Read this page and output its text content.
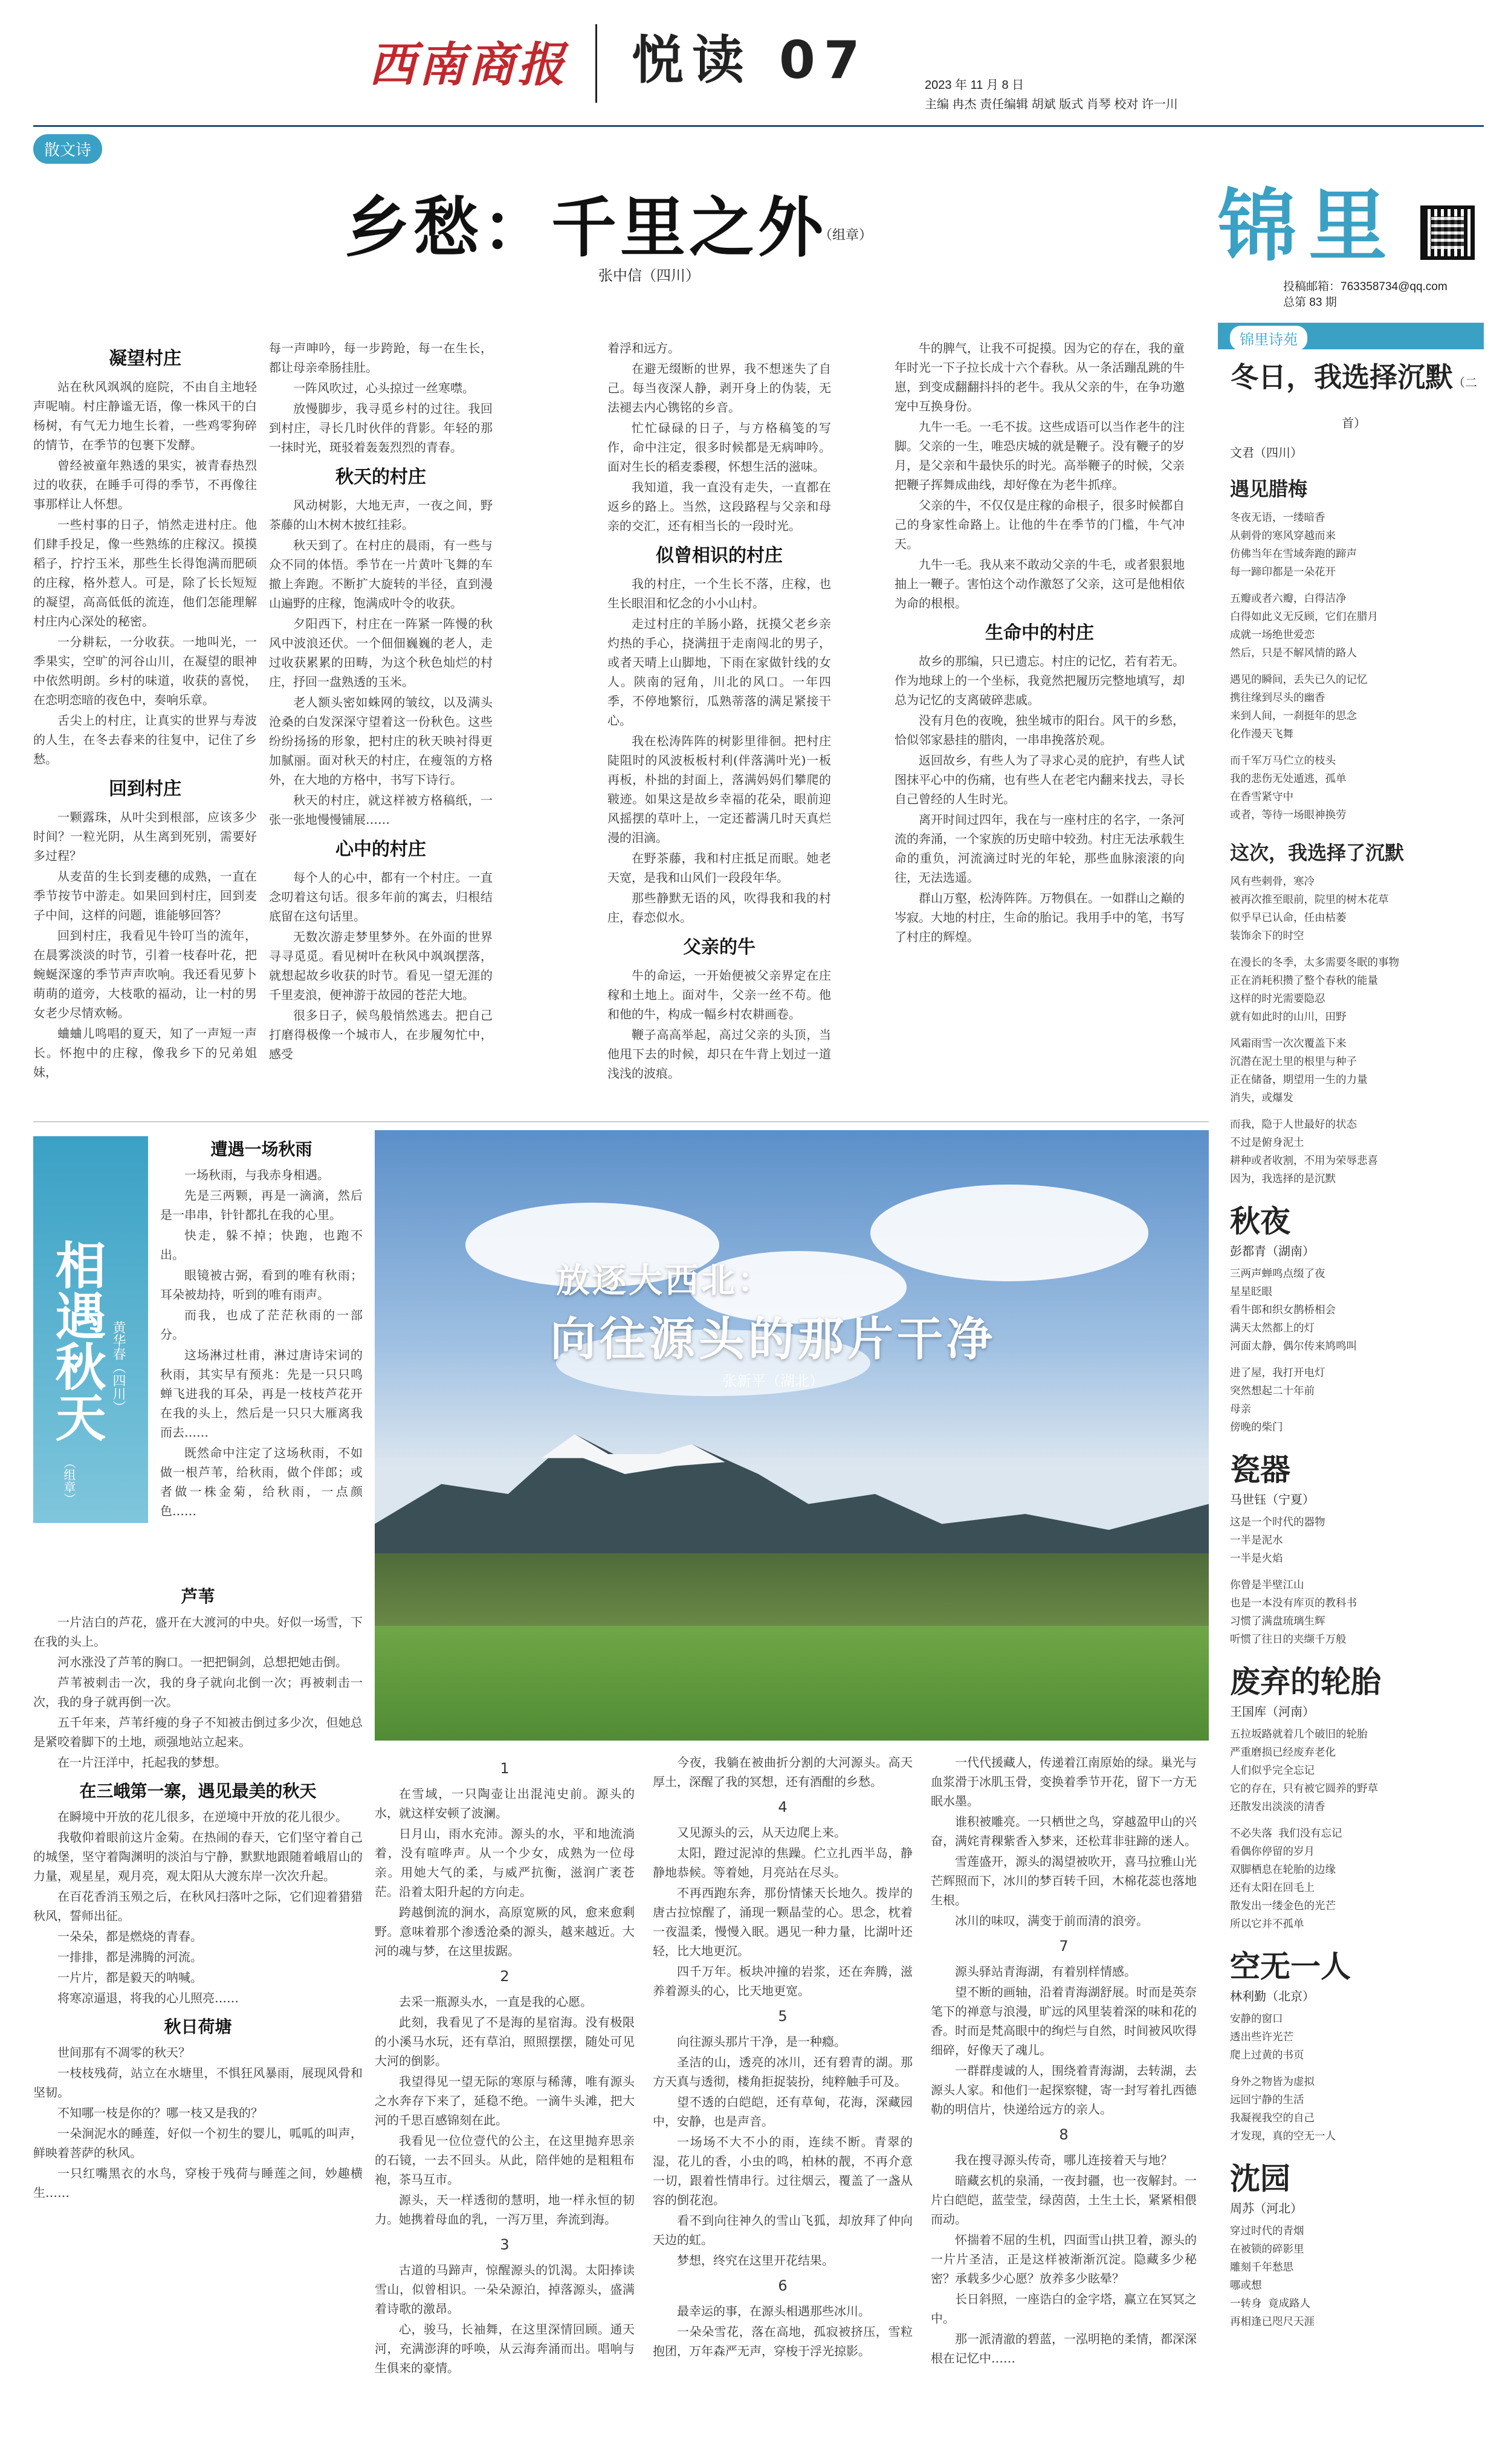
西南商报 悦读 07	2023 年 11 月 8 日
主编 冉杰 责任编辑 胡斌 版式 肖琴 校对 许一川
散文诗
乡愁：千里之外
（组章）
张中信（四川）
凝望村庄

站在秋风飒飒的庭院，不由自主地轻声呢喃。村庄静谧无语，像一株风干的白杨树，有气无力地生长着，一些鸡零狗碎的情节，在季节的包裹下发酵。

曾经被童年熟透的果实，被青春热烈过的收获，在睡手可得的季节，不再像往事那样让人怀想。

一些村事的日子，悄然走进村庄。他们肆手投足，像一些熟练的庄稼汉。摸摸稻子，拧拧玉米，那些生长得饱满而肥硕的庄稼，格外惹人。可是，除了长长短短的凝望，高高低低的流连，他们怎能理解村庄内心深处的秘密。

一分耕耘，一分收获。一地叫光，一季果实，空旷的河谷山川，在凝望的眼神中依然明朗。乡村的味道，收获的喜悦，在恋明恋暗的夜色中，奏响乐章。

舌尖上的村庄，让真实的世界与寿波的人生，在冬去春来的往复中，记住了乡愁。

回到村庄

一颗露珠，从叶尖到根部，应该多少时间？一粒光阴，从生离到死别，需要好多过程？

从麦苗的生长到麦穗的成熟，一直在季节按节中游走。如果回到村庄，回到麦子中间，这样的问题，谁能够回答？

回到村庄，我看见牛铃叮当的流年，在晨雾淡淡的时节，引着一枝春叶花，把蜿蜒深邃的季节声声吹响。我还看见萝卜萌萌的道旁，大枝歌的福动，让一村的男女老少尽情欢畅。

蛐蛐儿鸣唱的夏天，知了一声短一声长。怀抱中的庄稼，像我乡下的兄弟姐妹，

每一声呻吟，每一步跨跄，每一在生长，都让母亲牵肠挂肚。

一阵风吹过，心头掠过一丝寒噤。

放慢脚步，我寻觅乡村的过往。我回到村庄，寻长几时伙伴的背影。年轻的那一抹时光，斑驳着轰轰烈烈的青春。

秋天的村庄

风动树影，大地无声，一夜之间，野茶藤的山木树木披红挂彩。

秋天到了。在村庄的晨雨，有一些与众不同的体悟。季节在一片黄叶飞舞的车撤上奔跑。不断扩大旋转的半径，直到漫山遍野的庄稼，饱满成叶令的收获。

夕阳西下，村庄在一阵紧一阵慢的秋风中波浪还伏。一个佃佃巍巍的老人，走过收获累累的田畴，为这个秋色灿烂的村庄，抒回一盘熟透的玉米。

老人额头密如蛛网的皱纹，以及满头沧桑的白发深深守望着这一份秋色。这些纷纷扬扬的形象，把村庄的秋天映衬得更加腻丽。面对秋天的村庄，在瘦瓴的方格外，在大地的方格中，书写下诗行。

秋天的村庄，就这样被方格稿纸，一张一张地慢慢铺展……

心中的村庄

每个人的心中，都有一个村庄。一直念叨着这句话。很多年前的寓去，归根结底留在这句话里。

无数次游走梦里梦外。在外面的世界寻寻觅觅。看见树叶在秋风中飒飒摆落，就想起故乡收获的时节。看见一望无涯的千里麦浪，便神游于故园的苍茫大地。

很多日子，候鸟般悄然逃去。把自己打磨得极像一个城市人，在步履匆忙中，感受

着浮和远方。

在避无缀断的世界，我不想迷失了自己。每当夜深人静，剥开身上的伪装，无法褪去内心镌铭的乡音。

忙忙碌碌的日子，与方格稿笺的写作，命中注定，很多时候都是无病呻吟。面对生长的稻麦黍稷，怀想生活的滋味。

我知道，我一直没有走失，一直都在返乡的路上。当然，这段路程与父亲和母亲的交汇，还有相当长的一段时光。

似曾相识的村庄

我的村庄，一个生长不落，庄稼，也生长眼泪和忆念的小小山村。

走过村庄的羊肠小路，抚摸父老乡亲灼热的手心，挠满扭于走南闯北的男子，或者天晴上山脚地，下雨在家做针线的女人。陕南的冠角，川北的风口。一年四季，不停地繁衍，瓜熟蒂落的满足紧接干心。

我在松涛阵阵的树影里徘徊。把村庄陡阻时的风波板板村利(伴落满叶光)一板再板，朴拙的封面上，落满妈妈们攀爬的皲迹。如果这是故乡幸福的花朵，眼前迎风摇摆的草叶上，一定还蓄满几时天真烂漫的泪滴。

在野茶藤，我和村庄抵足而眠。她老天宽，是我和山风们一段段年华。

那些静默无语的风，吹得我和我的村庄，春恋似水。

父亲的牛

牛的命运，一开始便被父亲界定在庄稼和土地上。面对牛，父亲一丝不苟。他和他的牛，构成一幅乡村农耕画卷。

鞭子高高举起，高过父亲的头顶，当他甩下去的时候，却只在牛背上划过一道浅浅的波痕。

牛的脾气，让我不可捉摸。因为它的存在，我的童年时光一下子拉长成十六个春秋。从一条活蹦乱跳的牛崽，到变成翻翻抖抖的老牛。我从父亲的牛，在争功邀宠中互换身份。

九牛一毛。一毛不拔。这些成语可以当作老牛的注脚。父亲的一生，唯恐庆城的就是鞭子。没有鞭子的岁月，是父亲和牛最快乐的时光。高举鞭子的时候，父亲把鞭子挥舞成曲线，却好像在为老牛抓痒。

父亲的牛，不仅仅是庄稼的命根子，很多时候都自己的身家性命路上。让他的牛在季节的门槛，牛气冲天。

九牛一毛。我从来不敢动父亲的牛毛，或者狠狠地抽上一鞭子。害怕这个动作激怒了父亲，这可是他相依为命的根根。

生命中的村庄

故乡的那编，只已遗忘。村庄的记忆，若有若无。作为地球上的一个坐标，我竟然把履历完整地填写，却总为记忆的支离破碎悲戚。

没有月色的夜晚，独坐城市的阳台。风干的乡愁，恰似邻家悬挂的腊肉，一串串挽落於观。

返回故乡，有些人为了寻求心灵的庇护，有些人试图抹平心中的伤痛，也有些人在老宅内翻来找去，寻长自己曾经的人生时光。

离开时间过四年，我在与一座村庄的名字，一条河流的奔涌，一个家族的历史暗中较劲。村庄无法承载生命的重负，河流滴过时光的年轮，那些血脉滚滚的向往，无法选遥。

群山万壑，松涛阵阵。万物俱在。一如群山之巅的岑寂。大地的村庄，生命的胎记。我用手中的笔，书写了村庄的辉煌。

相遇秋天 黄华春（四川）
（组章）
遭遇一场秋雨

一场秋雨，与我赤身相遇。

先是三两颗，再是一滴滴，然后是一串串，针针都扎在我的心里。

快走，躲不掉；快跑，也跑不出。

眼镜被古弼，看到的唯有秋雨；耳朵被劫持，听到的唯有雨声。

而我，也成了茫茫秋雨的一部分。

这场淋过杜甫，淋过唐诗宋词的秋雨，其实早有预兆：先是一只只鸣蝉飞进我的耳朵，再是一枝枝芦花开在我的头上，然后是一只只大雁离我而去……

既然命中注定了这场秋雨，不如做一根芦苇，给秋雨，做个伴郎；或者做一株金菊，给秋雨，一点颜色……

芦苇

一片洁白的芦花，盛开在大渡河的中央。好似一场雪，下在我的头上。

河水涨没了芦苇的胸口。一把把铜剑，总想把她击倒。

芦苇被刺击一次，我的身子就向北倒一次；再被刺击一次，我的身子就再倒一次。

五千年来，芦苇纤瘦的身子不知被击倒过多少次，但她总是紧咬着脚下的土地，顽强地站立起来。

在一片汪洋中，托起我的梦想。

在三峨第一寨，遇见最美的秋天

在瞬境中开放的花儿很多，在逆境中开放的花儿很少。

我敬仰着眼前这片金菊。在热闹的春天，它们坚守着自己的城堡，坚守着陶渊明的淡泊与宁静，默默地跟随着峨眉山的力量，观星星，观月亮，观太阳从大渡东岸一次次升起。

在百花香消玉殒之后，在秋风扫落叶之际，它们迎着猎猎秋风，誓师出征。

一朵朵，都是燃烧的青春。

一排排，都是沸腾的河流。

一片片，都是毅天的呐喊。

将寒凉逼退，将我的心儿照亮……

秋日荷塘

世间那有不凋零的秋天？

一枝枝残荷，站立在水塘里，不惧狂风暴雨，展现风骨和坚韧。

不知哪一枝是你的？哪一枝又是我的？

一朵涧泥水的睡莲，好似一个初生的婴儿，呱呱的叫声，鲜映着菩萨的秋风。

一只红嘴黑衣的水鸟，穿梭于残荷与睡莲之间，妙趣横生……

放逐大西北：
向往源头的那片干净
张新平（湖北）

1

在雪域，一只陶壶让出混沌史前。源头的水，就这样安顿了波澜。

日月山，雨水充沛。源头的水，平和地流淌着，没有喧哗声。从一个少女，成熟为一位母亲。用她大气的柔，与威严抗衡，滋润广袤苍茫。沿着太阳升起的方向走。

跨越倒流的涧水，高原宽厥的风，愈来愈剩野。意味着那个渗透沧桑的源头，越来越近。大河的魂与梦，在这里拔踞。

2

去采一瓶源头水，一直是我的心愿。

此刻，我看见了不是海的星宿海。没有极限的小溪马水玩，还有草泊，照照摆摆，随处可见大河的倒影。

我望得见一望无际的寒原与稀薄，唯有源头之水奔存下来了，延稳不绝。一滴牛头滩，把大河的千思百感锦刻在此。

我看见一位位壹代的公主，在这里抛弃思亲的石镜，一去不回头。从此，陪伴她的是粗粗布袍，茶马互市。

源头，天一样透彻的慧明，地一样永恒的韧力。她携着母血的乳，一泻万里，奔流到海。

3

古道的马蹄声，惊醒源头的饥渴。太阳捧读雪山，似曾相识。一朵朵源泊，掉落源头，盛满着诗歌的激昂。

心，骏马，长袖舞，在这里深情回顾。通天河，充满澎湃的呼唤，从云海奔涌而出。唱响与生俱来的豪情。

今夜，我躺在被曲折分割的大河源头。高天厚土，深醒了我的冥想，还有酒酣的乡愁。

4

又见源头的云，从天边爬上来。

太阳，蹬过泥淖的焦躁。伫立扎西半岛，静静地恭候。等着她，月亮站在尽头。

不再西跑东奔，那份情愫天长地久。拨岸的唐古拉惊醒了，涌现一颗晶莹的心。思念，枕着一夜温柔，慢慢入眠。遇见一种力量，比湖叶还轻，比大地更沉。

四千万年。板块冲撞的岩浆，还在奔腾，滋养着源头的心，比天地更宽。

5

向往源头那片干净，是一种瘾。

圣洁的山，透亮的冰川，还有碧青的湖。那方天真与透彻，楼角拒捉装扮，纯粹触手可及。

望不透的白皑皑，还有草甸，花海，深藏园中，安静，也是声音。

一场场不大不小的雨，连续不断。青翠的湿，花儿的香，小虫的鸣，柏林的靓，不再介意一切，跟着性情串行。过往烟云，覆盖了一盏从容的倒花泡。

看不到向往神久的雪山飞狐，却放拜了仲向天边的虹。

梦想，终究在这里开花结果。

6

最幸运的事，在源头相遇那些冰川。

一朵朵雪花，落在高地，孤寂被挤压，雪粒抱团，万年森严无声，穿梭于浮光掠影。

一代代援藏人，传递着江南原始的绿。巢光与血浆滑于冰肌玉骨，变换着季节开花，留下一方无眠水墨。

谁积被雕亮。一只栖世之鸟，穿越盈甲山的兴奋，满姹青稞紫香入梦来，还松茸非驻蹄的迷人。

雪莲盛开，源头的渴望被吹开，喜马拉雅山光芒辉照而下，冰川的梦百转千回，木棉花蕊也落地生根。

冰川的味叹，满变于前而清的浪旁。

7

源头驿站青海湖，有着别样情感。

望不断的画轴，沿着青海湖舒展。时而是英奈笔下的禅意与浪漫，旷远的风里装着深的味和花的香。时而是梵高眼中的绚烂与自然，时间被风吹得细碎，好像天了魂儿。

一群群虔诚的人，围绕着青海湖，去转湖，去源头人家。和他们一起探察犍，寄一封写着扎西德勒的明信片，快递给远方的亲人。

8

我在搜寻源头传奇，哪儿连接着天与地？

暗藏玄机的泉涌，一夜封疆，也一夜解封。一片白皑皑，蓝莹莹，绿茵茵，土生土长，紧紧相偎而动。

怀揣着不屈的生机，四面雪山拱卫着，源头的一片片圣洁，正是这样被渐渐沉淀。隐藏多少秘密？承载多少心愿？放养多少眩晕？

长日斜照，一座诰白的金字塔，赢立在冥冥之中。

那一派清澈的碧蓝，一泓明艳的柔情，都深深根在记忆中……

锦里
投稿邮箱：763358734@qq.com
总第 83 期
锦里诗苑
冬日，我选择沉默（二首）
文君（四川）
遇见腊梅
冬夜无语，一缕暗香
从刺骨的寒风穿越而来
仿佛当年在雪域奔跑的蹄声
每一蹄印都是一朵花开
五瓣或者六瓣，白得洁净
白得如此义无反顾，它们在腊月
成就一场绝世爱恋
然后，只是不解风情的路人
遇见的瞬间，丢失已久的记忆
携往缘到尽头的幽香
来到人间，一刹挺年的思念
化作漫天飞舞
而千军万马伫立的枝头
我的悲伤无处遁逃，孤单
在香雪紧守中
或者，等待一场眼神换劳
这次，我选择了沉默
风有些刺骨，寒冷
被再次推至眼前，院里的树木花草
似乎早已认命，任由枯萎
装饰余下的时空
在漫长的冬季，太多需要冬眠的事物
正在消耗积攒了整个春秋的能量
这样的时光需要隐忍
就有如此时的山川，田野
风霜雨雪一次次覆盖下来
沉潜在泥土里的根里与种子
正在储备，期望用一生的力量
消失，或爆发
而我，隐于人世最好的状态
不过是俯身泥土
耕种或者收割，不用为荣辱悲喜
因为，我选择的是沉默
秋夜
彭都青（湖南）
三两声蝉鸣点缀了夜
星星眨眼
看牛郎和织女鹊桥相会
满天太然都上的灯
河面太静，偶尔传来鸠鸣叫
进了屋，我打开电灯
突然想起二十年前
母亲
傍晚的柴门
瓷器
马世钰（宁夏）
这是一个时代的器物
一半是泥水
一半是火焰
你曾是半壁江山
也是一本没有库页的教科书
习惯了满盘琉璃生辉
听惯了往日的夹缬千万般
废弃的轮胎
王国库（河南）
五拉坂路就着几个破旧的轮胎
严重磨损已经废弃老化
人们似乎完全忘记
它的存在，只有被它圆养的野草
还散发出淡淡的清香
不必失落 我们没有忘记
看偶你停留的岁月
双脚栖息在轮胎的边缘
还有太阳在回毛上
散发出一缕金色的光芒
所以它并不孤单
空无一人
林利勤（北京）
安静的窗口
透出些许光芒
爬上过黄的书页
身外之物皆为虚拟
远回宁静的生活
我凝视我空的自己
才发现，真的空无一人
沈园
周苏（河北）
穿过时代的青烟
在被锁的碎影里
雕刻千年愁思
哪或想
一转身 竟成路人
再相逢已咫尺天涯
